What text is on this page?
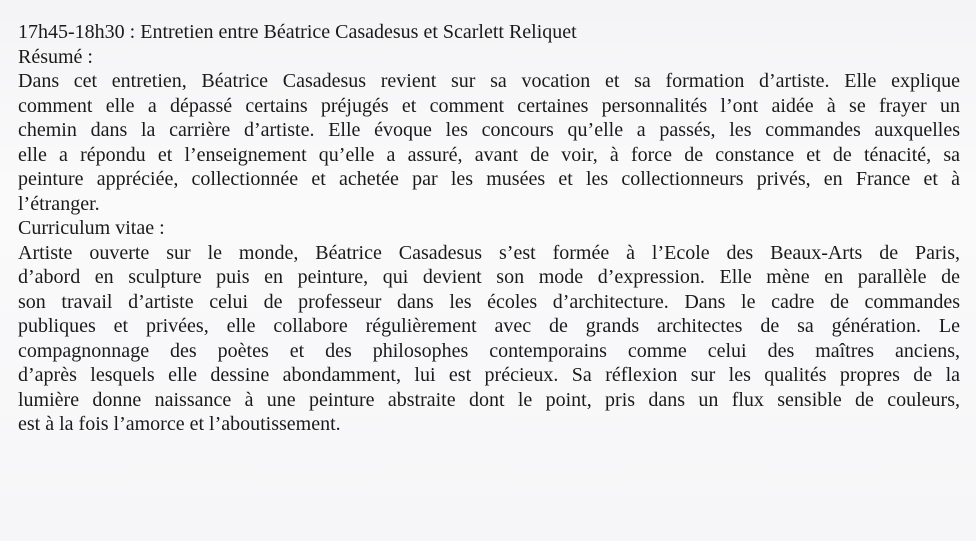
17h45-18h30 : Entretien entre Béatrice Casadesus et Scarlett Reliquet
Résumé :
Dans cet entretien, Béatrice Casadesus revient sur sa vocation et sa formation d’artiste. Elle explique
comment elle a dépassé certains préjugés et comment certaines personnalités l’ont aidée à se frayer un
chemin dans la carrière d’artiste. Elle évoque les concours qu’elle a passés, les commandes auxquelles
elle a répondu et l’enseignement qu’elle a assuré, avant de voir, à force de constance et de ténacité, sa
peinture appréciée, collectionnée et achetée par les musées et les collectionneurs privés, en France et à
l’étranger.
Curriculum vitae :
Artiste ouverte sur le monde, Béatrice Casadesus s’est formée à l’Ecole des Beaux-Arts de Paris,
d’abord en sculpture puis en peinture, qui devient son mode d’expression. Elle mène en parallèle de
son travail d’artiste celui de professeur dans les écoles d’architecture. Dans le cadre de commandes
publiques et privées, elle collabore régulièrement avec de grands architectes de sa génération. Le
compagnonnage des poètes et des philosophes contemporains comme celui des maîtres anciens,
d’après lesquels elle dessine abondamment, lui est précieux. Sa réflexion sur les qualités propres de la
lumière donne naissance à une peinture abstraite dont le point, pris dans un flux sensible de couleurs,
est à la fois l’amorce et l’aboutissement.
